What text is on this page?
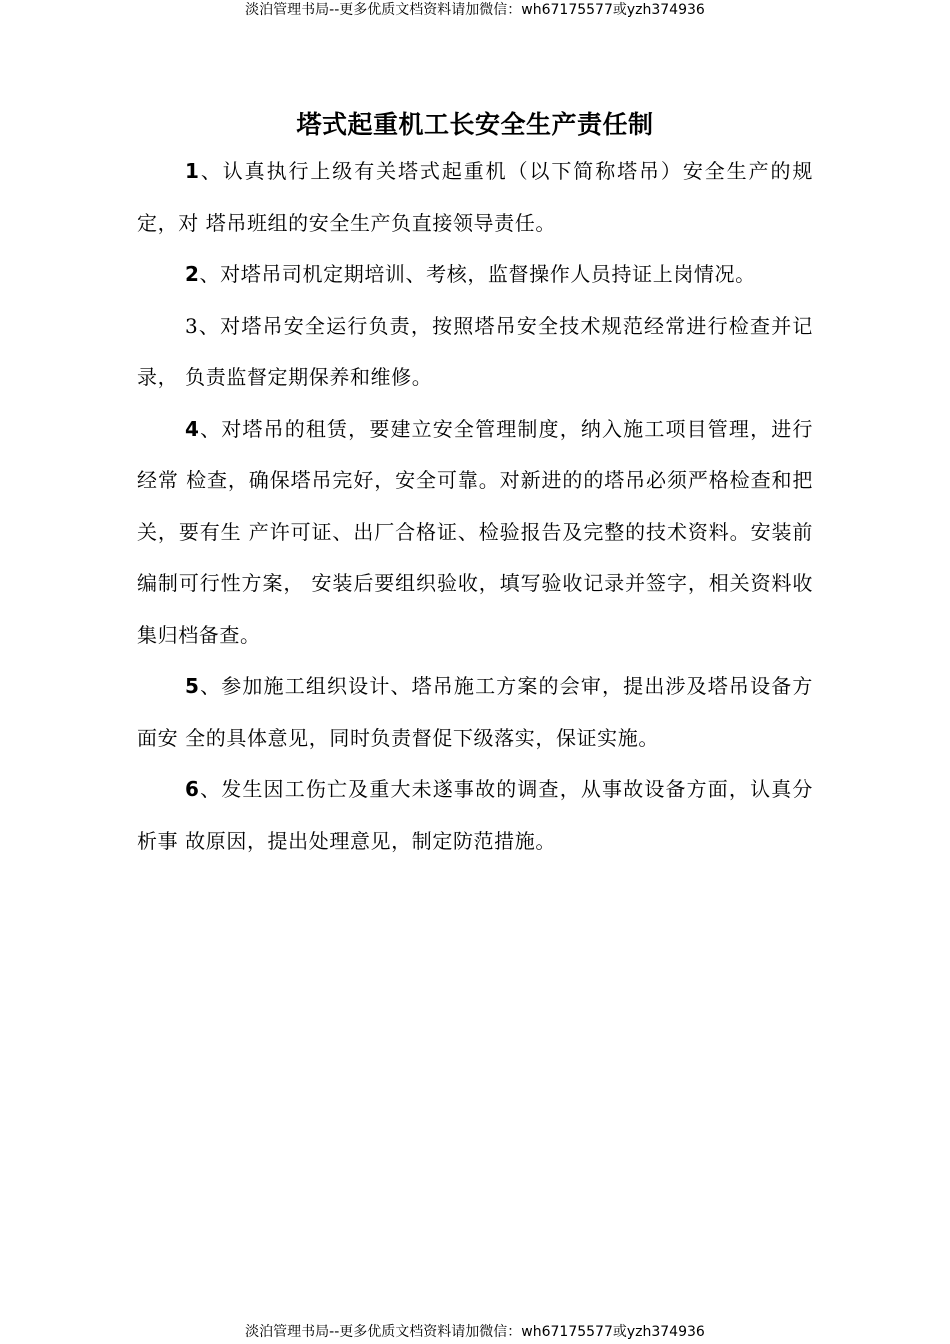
淡泊管理书局--更多优质文档资料请加微信：wh67175577或yzh374936
塔式起重机工长安全生产责任制

1、认真执行上级有关塔式起重机（以下简称塔吊）安全生产的规定，对 塔吊班组的安全生产负直接领导责任。

2、对塔吊司机定期培训、考核，监督操作人员持证上岗情况。

3、对塔吊安全运行负责，按照塔吊安全技术规范经常进行检查并记录， 负责监督定期保养和维修。

4、对塔吊的租赁，要建立安全管理制度，纳入施工项目管理，进行经常 检查，确保塔吊完好，安全可靠。对新进的的塔吊必须严格检查和把关，要有生 产许可证、出厂合格证、检验报告及完整的技术资料。安装前编制可行性方案， 安装后要组织验收，填写验收记录并签字，相关资料收集归档备查。

5、参加施工组织设计、塔吊施工方案的会审，提出涉及塔吊设备方面安 全的具体意见，同时负责督促下级落实，保证实施。

6、发生因工伤亡及重大未遂事故的调查，从事故设备方面，认真分析事 故原因，提出处理意见，制定防范措施。

淡泊管理书局--更多优质文档资料请加微信：wh67175577或yzh374936
